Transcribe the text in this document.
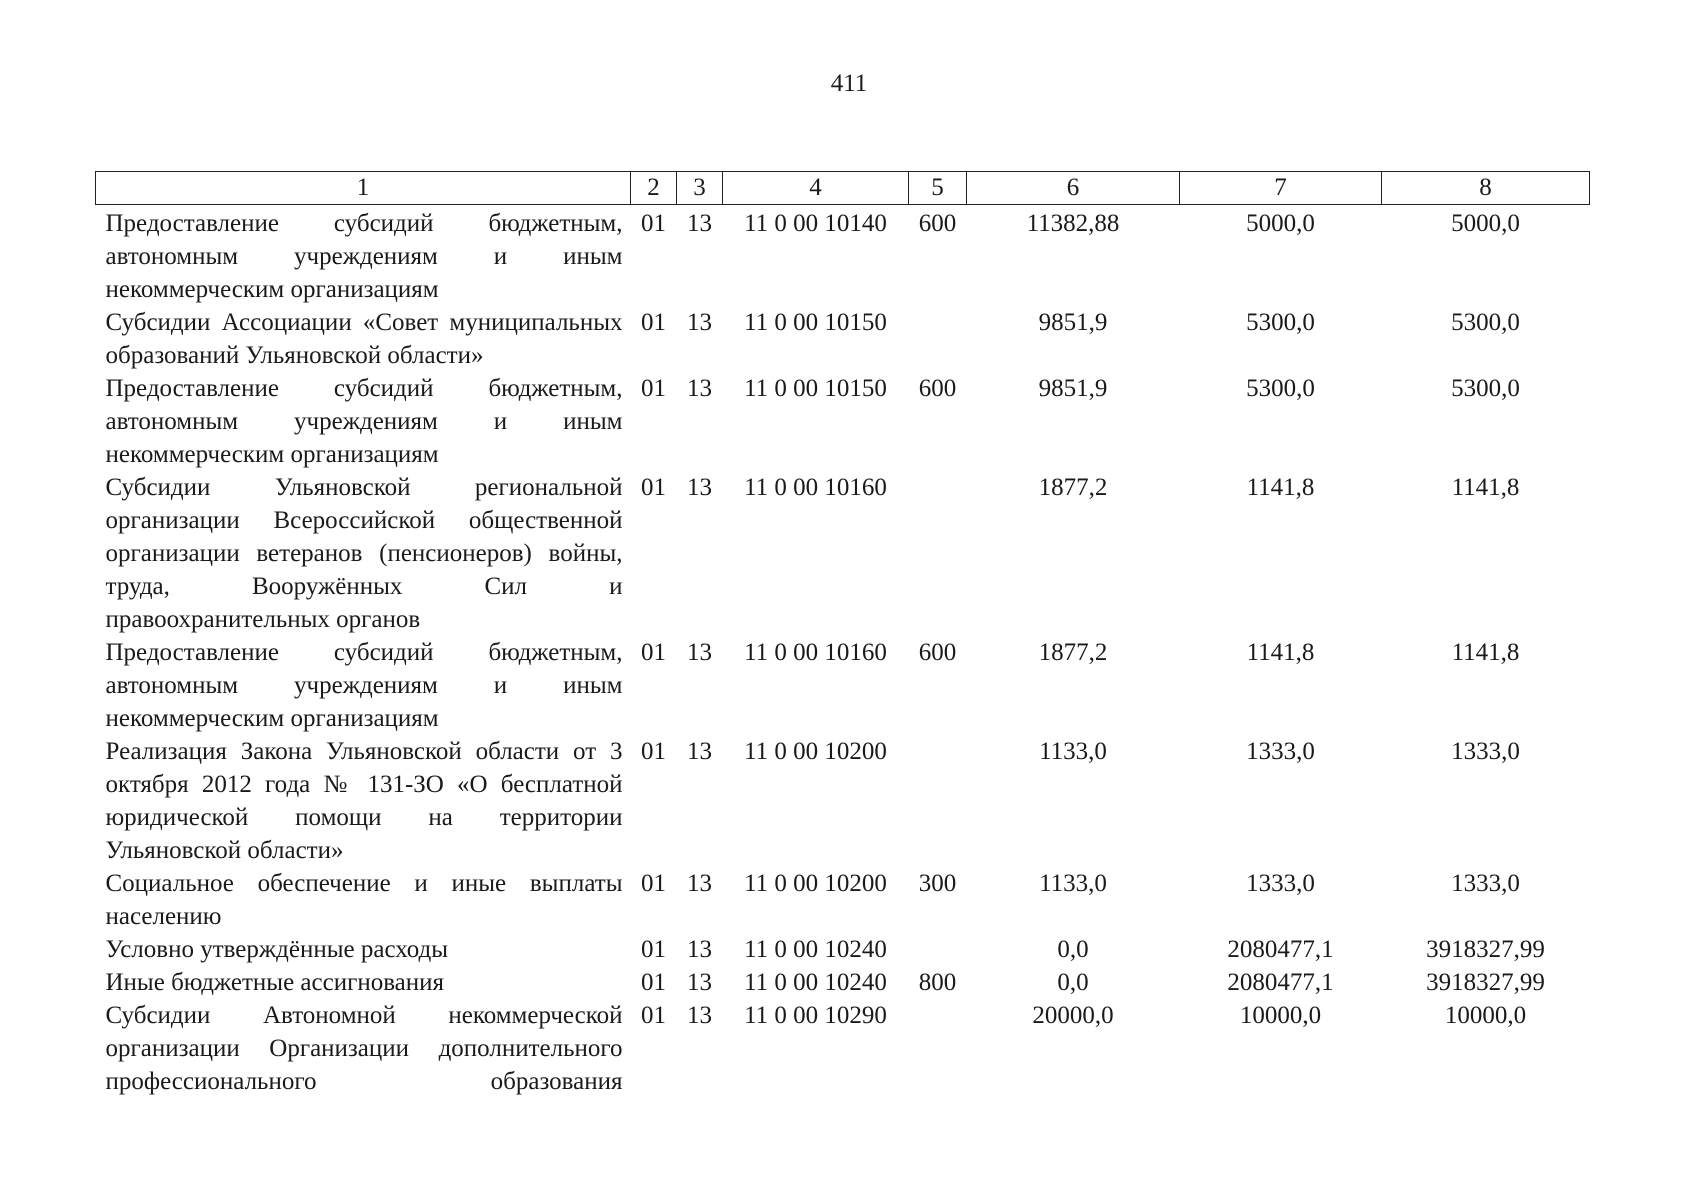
411
1	2	3	4	5	6	7	8
Предоставление субсидий бюджетным, автономным учреждениям и иным некоммерческим организациям	01	13	11 0 00 10140	600	11382,88	5000,0	5000,0
Субсидии Ассоциации «Совет муниципальных образований Ульяновской области»	01	13	11 0 00 10150		9851,9	5300,0	5300,0
Предоставление субсидий бюджетным, автономным учреждениям и иным некоммерческим организациям	01	13	11 0 00 10150	600	9851,9	5300,0	5300,0
Субсидии Ульяновской региональной организации Всероссийской общественной организации ветеранов (пенсионеров) войны, труда, Вооружённых Сил и правоохранительных органов	01	13	11 0 00 10160		1877,2	1141,8	1141,8
Предоставление субсидий бюджетным, автономным учреждениям и иным некоммерческим организациям	01	13	11 0 00 10160	600	1877,2	1141,8	1141,8
Реализация Закона Ульяновской области от 3 октября 2012 года № 131-ЗО «О бесплатной юридической помощи на территории Ульяновской области»	01	13	11 0 00 10200		1133,0	1333,0	1333,0
Социальное обеспечение и иные выплаты населению	01	13	11 0 00 10200	300	1133,0	1333,0	1333,0
Условно утверждённые расходы	01	13	11 0 00 10240		0,0	2080477,1	3918327,99
Иные бюджетные ассигнования	01	13	11 0 00 10240	800	0,0	2080477,1	3918327,99
Субсидии Автономной некоммерческой организации Организации дополнительного профессионального образования	01	13	11 0 00 10290		20000,0	10000,0	10000,0
